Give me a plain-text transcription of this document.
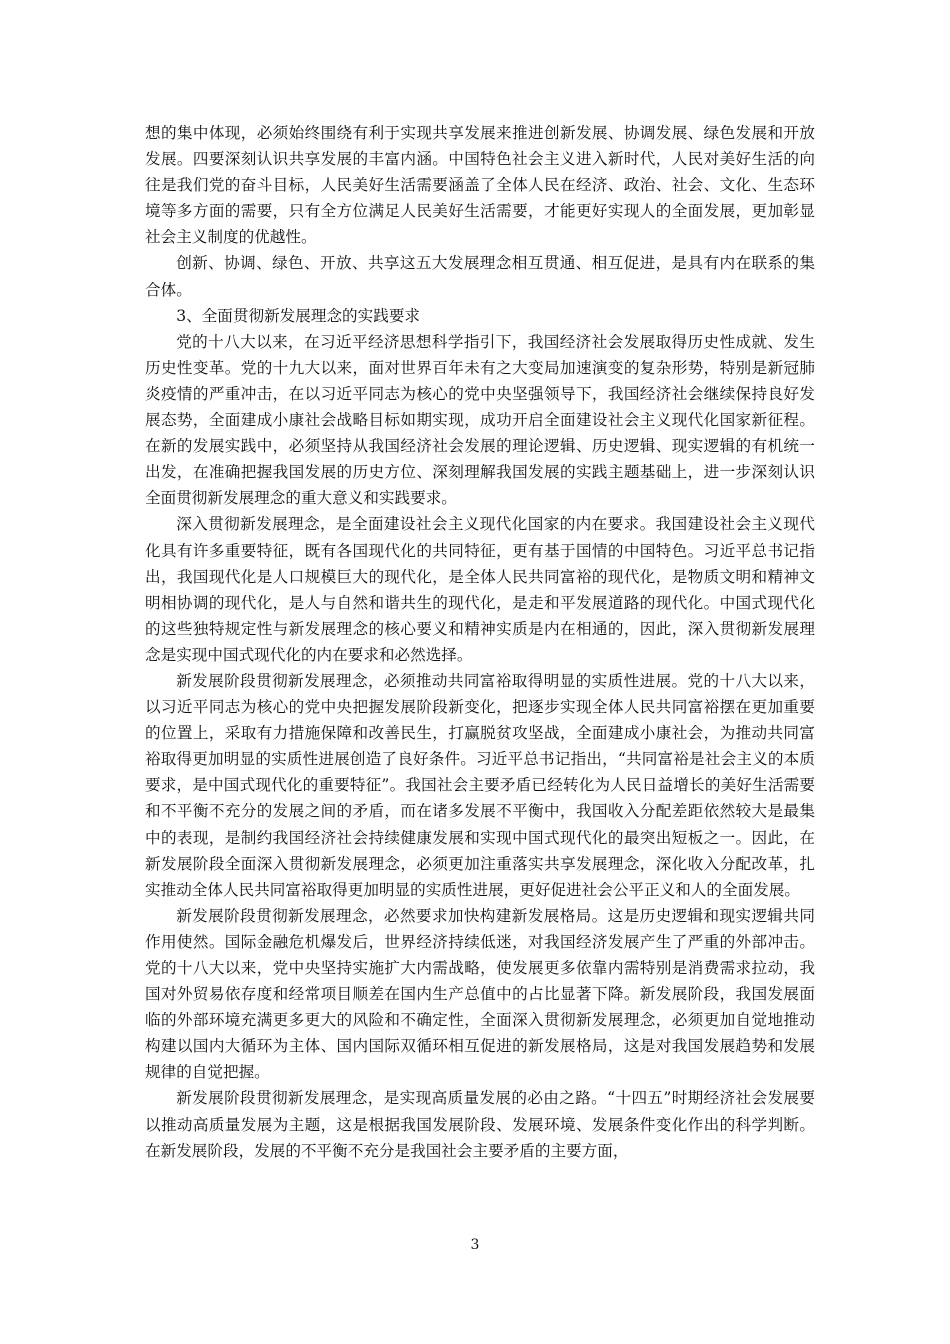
想的集中体现，必须始终围绕有利于实现共享发展来推进创新发展、协调发展、绿色发展和开放发展。四要深刻认识共享发展的丰富内涵。中国特色社会主义进入新时代，人民对美好生活的向往是我们党的奋斗目标，人民美好生活需要涵盖了全体人民在经济、政治、社会、文化、生态环境等多方面的需要，只有全方位满足人民美好生活需要，才能更好实现人的全面发展，更加彰显社会主义制度的优越性。

创新、协调、绿色、开放、共享这五大发展理念相互贯通、相互促进，是具有内在联系的集合体。

3、全面贯彻新发展理念的实践要求

党的十八大以来，在习近平经济思想科学指引下，我国经济社会发展取得历史性成就、发生历史性变革。党的十九大以来，面对世界百年未有之大变局加速演变的复杂形势，特别是新冠肺炎疫情的严重冲击，在以习近平同志为核心的党中央坚强领导下，我国经济社会继续保持良好发展态势，全面建成小康社会战略目标如期实现，成功开启全面建设社会主义现代化国家新征程。在新的发展实践中，必须坚持从我国经济社会发展的理论逻辑、历史逻辑、现实逻辑的有机统一出发，在准确把握我国发展的历史方位、深刻理解我国发展的实践主题基础上，进一步深刻认识全面贯彻新发展理念的重大意义和实践要求。

深入贯彻新发展理念，是全面建设社会主义现代化国家的内在要求。我国建设社会主义现代化具有许多重要特征，既有各国现代化的共同特征，更有基于国情的中国特色。习近平总书记指出，我国现代化是人口规模巨大的现代化，是全体人民共同富裕的现代化，是物质文明和精神文明相协调的现代化，是人与自然和谐共生的现代化，是走和平发展道路的现代化。中国式现代化的这些独特规定性与新发展理念的核心要义和精神实质是内在相通的，因此，深入贯彻新发展理念是实现中国式现代化的内在要求和必然选择。

新发展阶段贯彻新发展理念，必须推动共同富裕取得明显的实质性进展。党的十八大以来，以习近平同志为核心的党中央把握发展阶段新变化，把逐步实现全体人民共同富裕摆在更加重要的位置上，采取有力措施保障和改善民生，打赢脱贫攻坚战，全面建成小康社会，为推动共同富裕取得更加明显的实质性进展创造了良好条件。习近平总书记指出，“共同富裕是社会主义的本质要求，是中国式现代化的重要特征”。我国社会主要矛盾已经转化为人民日益增长的美好生活需要和不平衡不充分的发展之间的矛盾，而在诸多发展不平衡中，我国收入分配差距依然较大是最集中的表现，是制约我国经济社会持续健康发展和实现中国式现代化的最突出短板之一。因此，在新发展阶段全面深入贯彻新发展理念，必须更加注重落实共享发展理念，深化收入分配改革，扎实推动全体人民共同富裕取得更加明显的实质性进展，更好促进社会公平正义和人的全面发展。

新发展阶段贯彻新发展理念，必然要求加快构建新发展格局。这是历史逻辑和现实逻辑共同作用使然。国际金融危机爆发后，世界经济持续低迷，对我国经济发展产生了严重的外部冲击。党的十八大以来，党中央坚持实施扩大内需战略，使发展更多依靠内需特别是消费需求拉动，我国对外贸易依存度和经常项目顺差在国内生产总值中的占比显著下降。新发展阶段，我国发展面临的外部环境充满更多更大的风险和不确定性，全面深入贯彻新发展理念，必须更加自觉地推动构建以国内大循环为主体、国内国际双循环相互促进的新发展格局，这是对我国发展趋势和发展规律的自觉把握。

新发展阶段贯彻新发展理念，是实现高质量发展的必由之路。“十四五”时期经济社会发展要以推动高质量发展为主题，这是根据我国发展阶段、发展环境、发展条件变化作出的科学判断。在新发展阶段，发展的不平衡不充分是我国社会主要矛盾的主要方面，

3
